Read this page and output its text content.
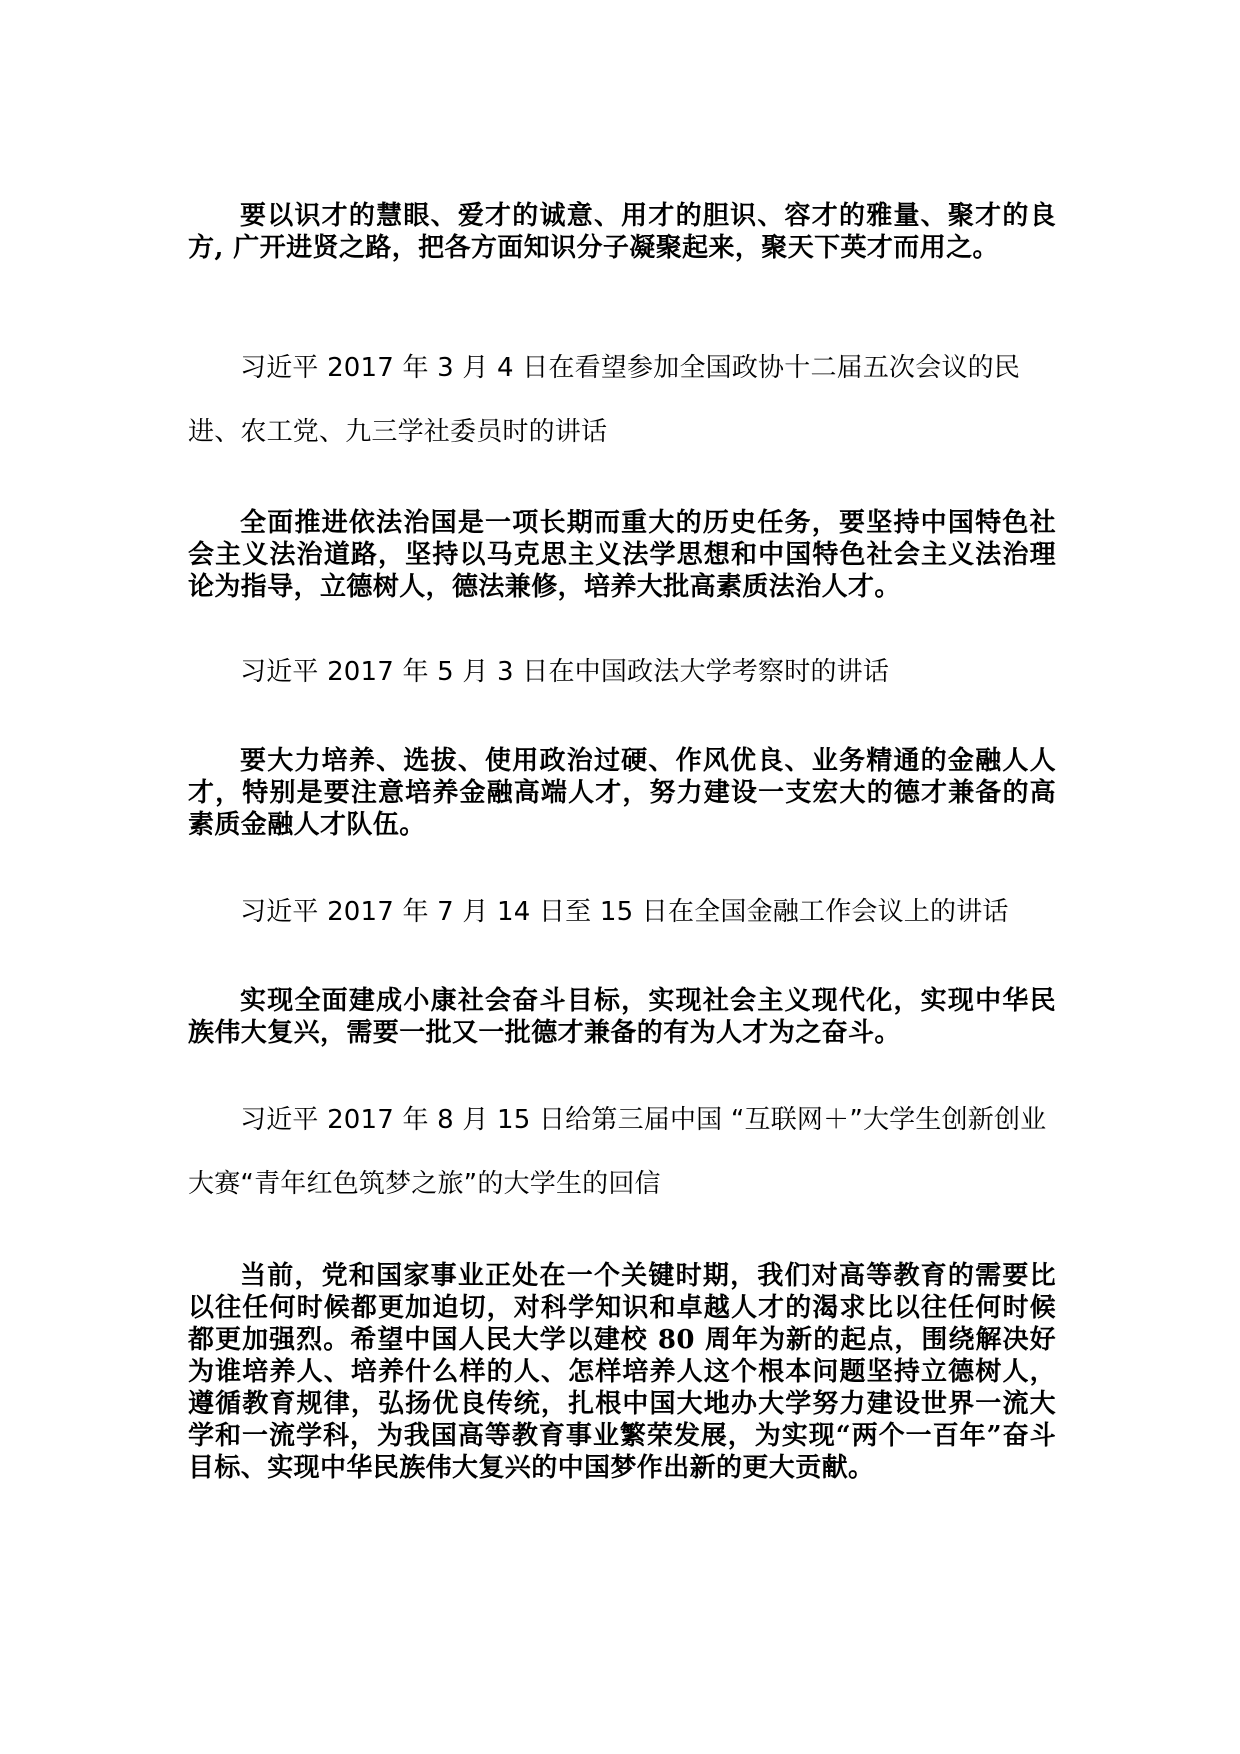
要以识才的慧眼、爱才的诚意、用才的胆识、容才的雅量、聚才的良方, 广开进贤之路，把各方面知识分子凝聚起来，聚天下英才而用之。

习近平 2017 年 3 月 4 日在看望参加全国政协十二届五次会议的民进、农工党、九三学社委员时的讲话

全面推进依法治国是一项长期而重大的历史任务，要坚持中国特色社会主义法治道路，坚持以马克思主义法学思想和中国特色社会主义法治理论为指导，立德树人，德法兼修，培养大批高素质法治人才。

习近平 2017 年 5 月 3 日在中国政法大学考察时的讲话

要大力培养、选拔、使用政治过硬、作风优良、业务精通的金融人人才，特别是要注意培养金融高端人才，努力建设一支宏大的德才兼备的高素质金融人才队伍。

习近平 2017 年 7 月 14 日至 15 日在全国金融工作会议上的讲话

实现全面建成小康社会奋斗目标，实现社会主义现代化，实现中华民族伟大复兴，需要一批又一批德才兼备的有为人才为之奋斗。

习近平 2017 年 8 月 15 日给第三届中国 “互联网＋”大学生创新创业大赛“青年红色筑梦之旅”的大学生的回信

当前，党和国家事业正处在一个关键时期，我们对高等教育的需要比以往任何时候都更加迫切，对科学知识和卓越人才的渴求比以往任何时候都更加强烈。希望中国人民大学以建校 80 周年为新的起点，围绕解决好为谁培养人、培养什么样的人、怎样培养人这个根本问题坚持立德树人，遵循教育规律，弘扬优良传统，扎根中国大地办大学努力建设世界一流大学和一流学科，为我国高等教育事业繁荣发展，为实现“两个一百年”奋斗目标、实现中华民族伟大复兴的中国梦作出新的更大贡献。
